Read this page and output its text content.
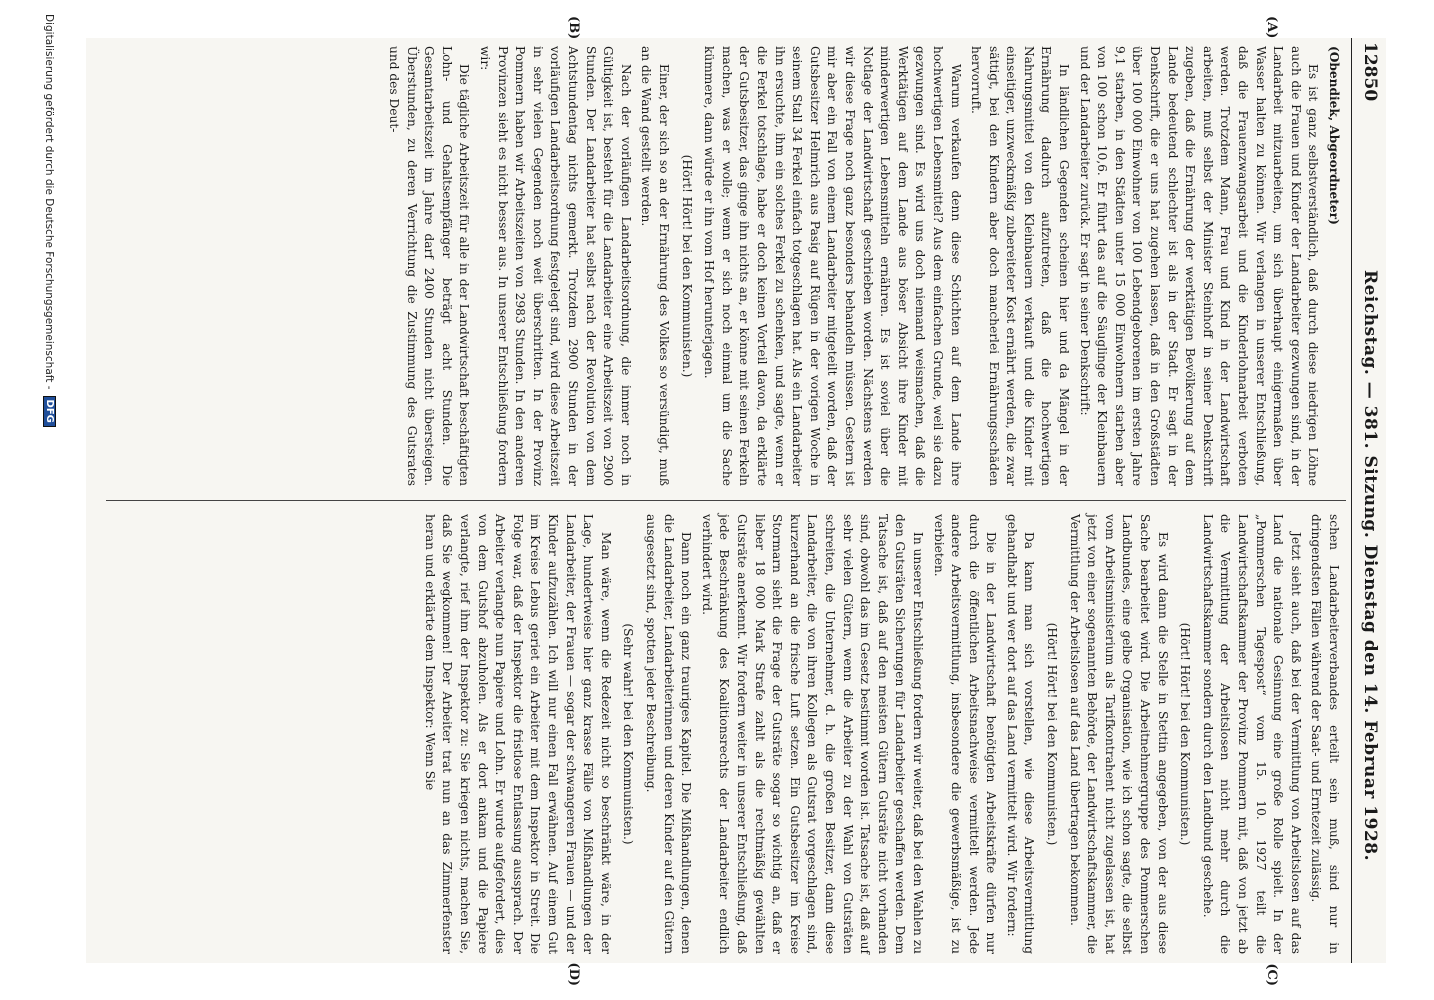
12850
Reichstag. — 381. Sitzung. Dienstag den 14. Februar 1928.
(A)
(B)

(Obendiek, Abgeordneter)

Es ist ganz selbstverständlich, daß durch diese niedrigen Löhne auch die Frauen und Kinder der Landarbeiter gezwungen sind, in der Landarbeit mitzuarbeiten, um sich überhaupt einigermaßen über Wasser halten zu können. Wir verlangen in unserer Entschließung, daß die Frauenzwangsarbeit und die Kinderlohnarbeit verboten werden. Trotzdem Mann, Frau und Kind in der Landwirtschaft arbeiten, muß selbst der Minister Steinhoff in seiner Denkschrift zugeben, daß die Ernährung der werktätigen Bevölkerung auf dem Lande bedeutend schlechter ist als in der Stadt. Er sagt in der Denkschrift, die er uns hat zugehen lassen, daß in den Großstädten über 100 000 Einwohner von 100 Lebendgeborenen im ersten Jahre 9,1 starben, in den Städten unter 15 000 Einwohnern starben aber von 100 schon 10,6. Er führt das auf die Säuglinge der Kleinbauern und der Landarbeiter zurück. Er sagt in seiner Denkschrift:

In ländlichen Gegenden scheinen hier und da Mängel in der Ernährung dadurch aufzutreten, daß die hochwertigen Nahrungsmittel von den Kleinbauern verkauft und die Kinder mit einseitiger, unzweckmäßig zubereiteter Kost ernährt werden, die zwar sättigt, bei den Kindern aber doch mancherlei Ernährungsschäden hervorruft.

Warum verkaufen denn diese Schichten auf dem Lande ihre hochwertigen Lebensmittel? Aus dem einfachen Grunde, weil sie dazu gezwungen sind. Es wird uns doch niemand weismachen, daß die Werktätigen auf dem Lande aus böser Absicht ihre Kinder mit minderwertigen Lebensmitteln ernähren. Es ist soviel über die Notlage der Landwirtschaft geschrieben worden. Nächstens werden wir diese Frage noch ganz besonders behandeln müssen. Gestern ist mir aber ein Fall von einem Landarbeiter mitgeteilt worden, daß der Gutsbesitzer Helmrich aus Pasig auf Rügen in der vorigen Woche in seinem Stall 34 Ferkel einfach totgeschlagen hat. Als ein Landarbeiter ihn ersuchte, ihm ein solches Ferkel zu schenken, und sagte, wenn er die Ferkel totschlage, habe er doch keinen Vorteil davon, da erklärte der Gutsbesitzer, das ginge ihn nichts an, er könne mit seinen Ferkeln machen, was er wolle; wenn er sich noch einmal um die Sache kümmere, dann würde er ihn vom Hof herunterjagen.

(Hört! Hört! bei den Kommunisten.)

Einer, der sich so an der Ernährung des Volkes so versündigt, muß an die Wand gestellt werden.

Nach der vorläufigen Landarbeitsordnung, die immer noch in Gültigkeit ist, besteht für die Landarbeiter eine Arbeitszeit von 2900 Stunden. Der Landarbeiter hat selbst nach der Revolution von dem Achtstundentag nichts gemerkt. Trotzdem 2900 Stunden in der vorläufigen Landarbeitsordnung festgelegt sind, wird diese Arbeitszeit in sehr vielen Gegenden noch weit überschritten. In der Provinz Pommern haben wir Arbeitszeiten von 2983 Stunden. In den anderen Provinzen sieht es nicht besser aus. In unserer Entschließung fordern wir:

Die tägliche Arbeitszeit für alle in der Landwirtschaft beschäftigten Lohn- und Gehaltsempfänger beträgt acht Stunden. Die Gesamtarbeitszeit im Jahre darf 2400 Stunden nicht übersteigen. Überstunden, zu deren Verrichtung die Zustimmung des Gutsrates und des Deut-

(C)
(D)

schen Landarbeiterverbandes erteilt sein muß, sind nur in dringendsten Fällen während der Saat- und Erntezeit zulässig.

Jetzt sieht auch, daß bei der Vermittlung von Arbeitslosen auf das Land die nationale Gesinnung eine große Rolle spielt. In der „Pommerschen Tagespost“ vom 15. 10. 1927 teilt die Landwirtschaftskammer der Provinz Pommern mit, daß von jetzt ab die Vermittlung der Arbeitslosen nicht mehr durch die Landwirtschaftskammer sondern durch den Landbund geschehe.

(Hört! Hört! bei den Kommunisten.)

Es wird dann die Stelle in Stettin angegeben, von der aus diese Sache bearbeitet wird. Die Arbeitnehmergruppe des Pommerschen Landbundes, eine gelbe Organisation, wie ich schon sagte, die selbst vom Arbeitsministerium als Tarifkontrahent nicht zugelassen ist, hat jetzt von einer sogenannten Behörde, der Landwirtschaftskammer, die Vermittlung der Arbeitslosen auf das Land übertragen bekommen.

(Hört! Hört! bei den Kommunisten.)

Da kann man sich vorstellen, wie diese Arbeitsvermittlung gehandhabt und wer dort auf das Land vermittelt wird. Wir fordern:

Die in der Landwirtschaft benötigten Arbeitskräfte dürfen nur durch die öffentlichen Arbeitsnachweise vermittelt werden. Jede andere Arbeitsvermittlung, insbesondere die gewerbsmäßige, ist zu verbieten.

In unserer Entschließung fordern wir weiter, daß bei den Wahlen zu den Gutsräten Sicherungen für Landarbeiter geschaffen werden. Dem Tatsache ist, daß auf den meisten Gütern Gutsräte nicht vorhanden sind, obwohl das im Gesetz bestimmt worden ist. Tatsache ist, daß auf sehr vielen Gütern, wenn die Arbeiter zu der Wahl von Gutsräten schreiten, die Unternehmer, d. h. die großen Besitzer, dann diese Landarbeiter, die von ihren Kollegen als Gutsrat vorgeschlagen sind, kurzerhand an die frische Luft setzen. Ein Gutsbesitzer im Kreise Stormarn sieht die Frage der Gutsräte sogar so wichtig an, daß er lieber 18 000 Mark Strafe zahlt als die rechtmäßig gewählten Gutsräte anerkennt. Wir fordern weiter in unserer Entschließung, daß jede Beschränkung des Koalitionsrechts der Landarbeiter endlich verhindert wird.

Dann noch ein ganz trauriges Kapitel. Die Mißhandlungen, denen die Landarbeiter, Landarbeiterinnen und deren Kinder auf den Gütern ausgesetzt sind, spotten jeder Beschreibung.

(Sehr wahr! bei den Kommunisten.)

Man wäre, wenn die Redezeit nicht so beschränkt wäre, in der Lage, hundertweise hier ganz krasse Fälle von Mißhandlungen der Landarbeiter, der Frauen — sogar der schwangeren Frauen — und der Kinder aufzuzählen. Ich will nur einen Fall erwähnen. Auf einem Gut im Kreise Lebus geriet ein Arbeiter mit dem Inspektor in Streit. Die Folge war, daß der Inspektor die fristlose Entlassung aussprach. Der Arbeiter verlangte nun Papiere und Lohn. Er wurde aufgefordert, dies von dem Gutshof abzuholen. Als er dort ankam und die Papiere verlangte, rief ihm der Inspektor zu: Sie kriegen nichts, machen Sie, daß Sie wegkommen! Der Arbeiter trat nun an das Zimmerfenster heran und erklärte dem Inspektor: Wenn Sie

Digitalisierung gefördert durch die Deutsche Forschungsgemeinschaft -
DFG
